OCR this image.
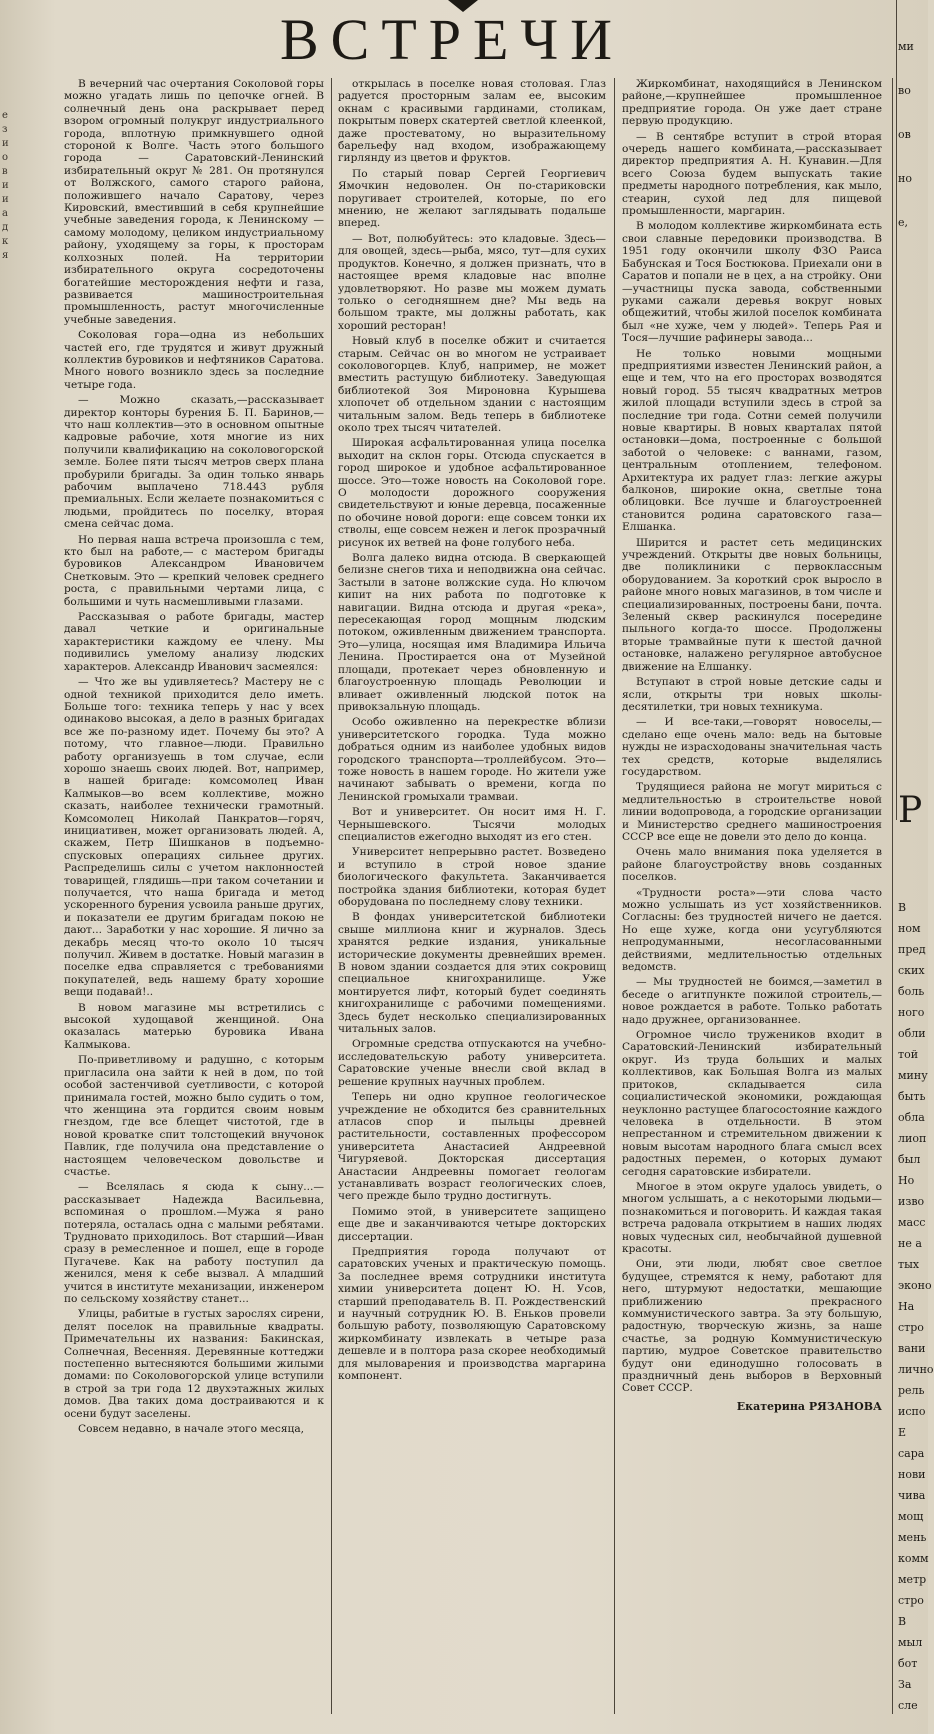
е
з
и
о
в
и
и
а
д
к
я
ВСТРЕЧИ

В вечерний час очертания Соколовой горы можно угадать лишь по цепочке огней. В солнечный день она раскрывает перед взором огромный полукруг индустриального города, вплотную примкнувшего одной стороной к Волге. Часть этого большого города — Саратовский-Ленинский избирательный округ № 281. Он протянулся от Волжского, самого старого района, положившего начало Саратову, через Кировский, вместивший в себя крупнейшие учебные заведения города, к Ленинскому — самому молодому, целиком индустриальному району, уходящему за горы, к просторам колхозных полей. На территории избирательного округа сосредоточены богатейшие месторождения нефти и газа, развивается машиностроительная промышленность, растут многочисленные учебные заведения.

Соколовая гора—одна из небольших частей его, где трудятся и живут дружный коллектив буровиков и нефтяников Саратова. Много нового возникло здесь за последние четыре года.

— Можно сказать,—рассказывает директор конторы бурения Б. П. Баринов,—что наш коллектив—это в основном опытные кадровые рабочие, хотя многие из них получили квалификацию на соколовогорской земле. Более пяти тысяч метров сверх плана пробурили бригады. За один только январь рабочим выплачено 718.443 рубля премиальных. Если желаете познакомиться с людьми, пройдитесь по поселку, вторая смена сейчас дома.

Но первая наша встреча произошла с тем, кто был на работе,— с мастером бригады буровиков Александром Ивановичем Снетковым. Это — крепкий человек среднего роста, с правильными чертами лица, с большими и чуть насмешливыми глазами.

Рассказывая о работе бригады, мастер давал четкие и оригинальные характеристики каждому ее члену. Мы подивились умелому анализу людских характеров. Александр Иванович засмеялся:

— Что же вы удивляетесь? Мастеру не с одной техникой приходится дело иметь. Больше того: техника теперь у нас у всех одинаково высокая, а дело в разных бригадах все же по-разному идет. Почему бы это? А потому, что главное—люди. Правильно работу организуешь в том случае, если хорошо знаешь своих людей. Вот, например, в нашей бригаде: комсомолец Иван Калмыков—во всем коллективе, можно сказать, наиболее технически грамотный. Комсомолец Николай Панкратов—горяч, инициативен, может организовать людей. А, скажем, Петр Шишканов в подъемно-спусковых операциях сильнее других. Распределишь силы с учетом наклонностей товарищей, глядишь—при таком сочетании и получается, что наша бригада и метод ускоренного бурения усвоила раньше других, и показатели ее другим бригадам покою не дают... Заработки у нас хорошие. Я лично за декабрь месяц что-то около 10 тысяч получил. Живем в достатке. Новый магазин в поселке едва справляется с требованиями покупателей, ведь нашему брату хорошие вещи подавай!..

В новом магазине мы встретились с высокой худощавой женщиной. Она оказалась матерью буровика Ивана Калмыкова.

По-приветливому и радушно, с которым пригласила она зайти к ней в дом, по той особой застенчивой суетливости, с которой принимала гостей, можно было судить о том, что женщина эта гордится своим новым гнездом, где все блещет чистотой, где в новой кроватке спит толстощекий внучонок Павлик, где получила она представление о настоящем человеческом довольстве и счастье.

— Вселялась я сюда к сыну...—рассказывает Надежда Васильевна, вспоминая о прошлом.—Мужа я рано потеряла, осталась одна с малыми ребятами. Трудновато приходилось. Вот старший—Иван сразу в ремесленное и пошел, еще в городе Пугачеве. Как на работу поступил да женился, меня к себе вызвал. А младший учится в институте механизации, инженером по сельскому хозяйству станет...

Улицы, рабитые в густых зарослях сирени, делят поселок на правильные квадраты. Примечательны их названия: Бакинская, Солнечная, Весенняя. Деревянные коттеджи постепенно вытесняются большими жилыми домами: по Соколовогорской улице вступили в строй за три года 12 двухэтажных жилых домов. Два таких дома достраиваются и к осени будут заселены.

Совсем недавно, в начале этого месяца,

открылась в поселке новая столовая. Глаз радуется просторным залам ее, высоким окнам с красивыми гардинами, столикам, покрытым поверх скатертей светлой клеенкой, даже простеватому, но выразительному барельефу над входом, изображающему гирлянду из цветов и фруктов.

По старый повар Сергей Георгиевич Ямочкин недоволен. Он по-стариковски поругивает строителей, которые, по его мнению, не желают заглядывать подальше вперед.

— Вот, полюбуйтесь: это кладовые. Здесь—для овощей, здесь—рыба, мясо, тут—для сухих продуктов. Конечно, я должен признать, что в настоящее время кладовые нас вполне удовлетворяют. Но разве мы можем думать только о сегодняшнем дне? Мы ведь на большом тракте, мы должны работать, как хороший ресторан!

Новый клуб в поселке обжит и считается старым. Сейчас он во многом не устраивает соколовогорцев. Клуб, например, не может вместить растущую библиотеку. Заведующая библиотекой Зоя Мироновна Курышева хлопочет об отдельном здании с настоящим читальным залом. Ведь теперь в библиотеке около трех тысяч читателей.

Широкая асфальтированная улица поселка выходит на склон горы. Отсюда спускается в город широкое и удобное асфальтированное шоссе. Это—тоже новость на Соколовой горе. О молодости дорожного сооружения свидетельствуют и юные деревца, посаженные по обочине новой дороги: еще совсем тонки их стволы, еще совсем нежен и легок прозрачный рисунок их ветвей на фоне голубого неба.

Волга далеко видна отсюда. В сверкающей белизне снегов тиха и неподвижна она сейчас. Застыли в затоне волжские суда. Но ключом кипит на них работа по подготовке к навигации. Видна отсюда и другая «река», пересекающая город мощным людским потоком, оживленным движением транспорта. Это—улица, носящая имя Владимира Ильича Ленина. Простирается она от Музейной площади, протекает через обновленную и благоустроенную площадь Революции и вливает оживленный людской поток на привокзальную площадь.

Особо оживленно на перекрестке вблизи университетского городка. Туда можно добраться одним из наиболее удобных видов городского транспорта—троллейбусом. Это—тоже новость в нашем городе. Но жители уже начинают забывать о времени, когда по Ленинской громыхали трамваи.

Вот и университет. Он носит имя Н. Г. Чернышевского. Тысячи молодых специалистов ежегодно выходят из его стен.

Университет непрерывно растет. Возведено и вступило в строй новое здание биологического факультета. Заканчивается постройка здания библиотеки, которая будет оборудована по последнему слову техники.

В фондах университетской библиотеки свыше миллиона книг и журналов. Здесь хранятся редкие издания, уникальные исторические документы древнейших времен. В новом здании создается для этих сокровищ специальное книгохранилище. Уже монтируется лифт, который будет соединять книгохранилище с рабочими помещениями. Здесь будет несколько специализированных читальных залов.

Огромные средства отпускаются на учебно-исследовательскую работу университета. Саратовские ученые внесли свой вклад в решение крупных научных проблем.

Теперь ни одно крупное геологическое учреждение не обходится без сравнительных атласов спор и пыльцы древней растительности, составленных профессором университета Анастасией Андреевной Чигуряевой. Докторская диссертация Анастасии Андреевны помогает геологам устанавливать возраст геологических слоев, чего прежде было трудно достигнуть.

Помимо этой, в университете защищено еще две и заканчиваются четыре докторских диссертации.

Предприятия города получают от саратовских ученых и практическую помощь. За последнее время сотрудники института химии университета доцент Ю. Н. Усов, старший преподаватель В. П. Рождественский и научный сотрудник Ю. В. Еньков провели большую работу, позволяющую Саратовскому жиркомбинату извлекать в четыре раза дешевле и в полтора раза скорее необходимый для мыловарения и производства маргарина компонент.

Жиркомбинат, находящийся в Ленинском районе,—крупнейшее промышленное предприятие города. Он уже дает стране первую продукцию.

— В сентябре вступит в строй вторая очередь нашего комбината,—рассказывает директор предприятия А. Н. Кунавин.—Для всего Союза будем выпускать такие предметы народного потребления, как мыло, стеарин, сухой лед для пищевой промышленности, маргарин.

В молодом коллективе жиркомбината есть свои славные передовики производства. В 1951 году окончили школу ФЗО Раиса Бабунская и Тося Бостюкова. Приехали они в Саратов и попали не в цех, а на стройку. Они—участницы пуска завода, собственными руками сажали деревья вокруг новых общежитий, чтобы жилой поселок комбината был «не хуже, чем у людей». Теперь Рая и Тося—лучшие рафинеры завода...

Не только новыми мощными предприятиями известен Ленинский район, а еще и тем, что на его просторах возводятся новый город. 55 тысяч квадратных метров жилой площади вступили здесь в строй за последние три года. Сотни семей получили новые квартиры. В новых кварталах пятой остановки—дома, построенные с большой заботой о человеке: с ваннами, газом, центральным отоплением, телефоном. Архитектура их радует глаз: легкие ажуры балконов, широкие окна, светлые тона облицовки. Все лучше и благоустроенней становится родина саратовского газа—Елшанка.

Ширится и растет сеть медицинских учреждений. Открыты две новых больницы, две поликлиники с первоклассным оборудованием. За короткий срок выросло в районе много новых магазинов, в том числе и специализированных, построены бани, почта. Зеленый сквер раскинулся посередине пыльного когда-то шоссе. Продолжены вторые трамвайные пути к шестой дачной остановке, налажено регулярное автобусное движение на Елшанку.

Вступают в строй новые детские сады и ясли, открыты три новых школы-десятилетки, три новых техникума.

— И все-таки,—говорят новоселы,—сделано еще очень мало: ведь на бытовые нужды не израсходованы значительная часть тех средств, которые выделялись государством.

Трудящиеся района не могут мириться с медлительностью в строительстве новой линии водопровода, а городские организации и Министерство среднего машиностроения СССР все еще не довели это дело до конца.

Очень мало внимания пока уделяется в районе благоустройству вновь созданных поселков.

«Трудности роста»—эти слова часто можно услышать из уст хозяйственников. Согласны: без трудностей ничего не дается. Но еще хуже, когда они усугубляются непродуманными, несогласованными действиями, медлительностью отдельных ведомств.

— Мы трудностей не боимся,—заметил в беседе о агитпункте пожилой строитель,—новое рождается в работе. Только работать надо дружнее, организованнее.

Огромное число тружеников входит в Саратовский-Ленинский избирательный округ. Из труда больших и малых коллективов, как Большая Волга из малых притоков, складывается сила социалистической экономики, рождающая неуклонно растущее благосостояние каждого человека в отдельности. В этом непрестанном и стремительном движении к новым высотам народного блага смысл всех радостных перемен, о которых думают сегодня саратовские избиратели.

Многое в этом округе удалось увидеть, о многом услышать, а с некоторыми людьми—познакомиться и поговорить. И каждая такая встреча радовала открытием в наших людях новых чудесных сил, необычайной душевной красоты.

Они, эти люди, любят свое светлое будущее, стремятся к нему, работают для него, штурмуют недостатки, мешающие приближению прекрасного коммунистического завтра. За эту большую, радостную, творческую жизнь, за наше счастье, за родную Коммунистическую партию, мудрое Советское правительство будут они единодушно голосовать в праздничный день выборов в Верховный Совет СССР.

Екатерина РЯЗАНОВА
ми
во
ов
но
е,
Р
В
ном
пред
ских
боль
ного
обли
той
мину
быть
обла
лиоп
был
Но
изво
масс
не а
тых
эконо
На
стро
вани
лично
рель
испо
Е
сара
нови
чива
мощ
мень
комм
метр
стро
В
мыл
бот
За
сле
